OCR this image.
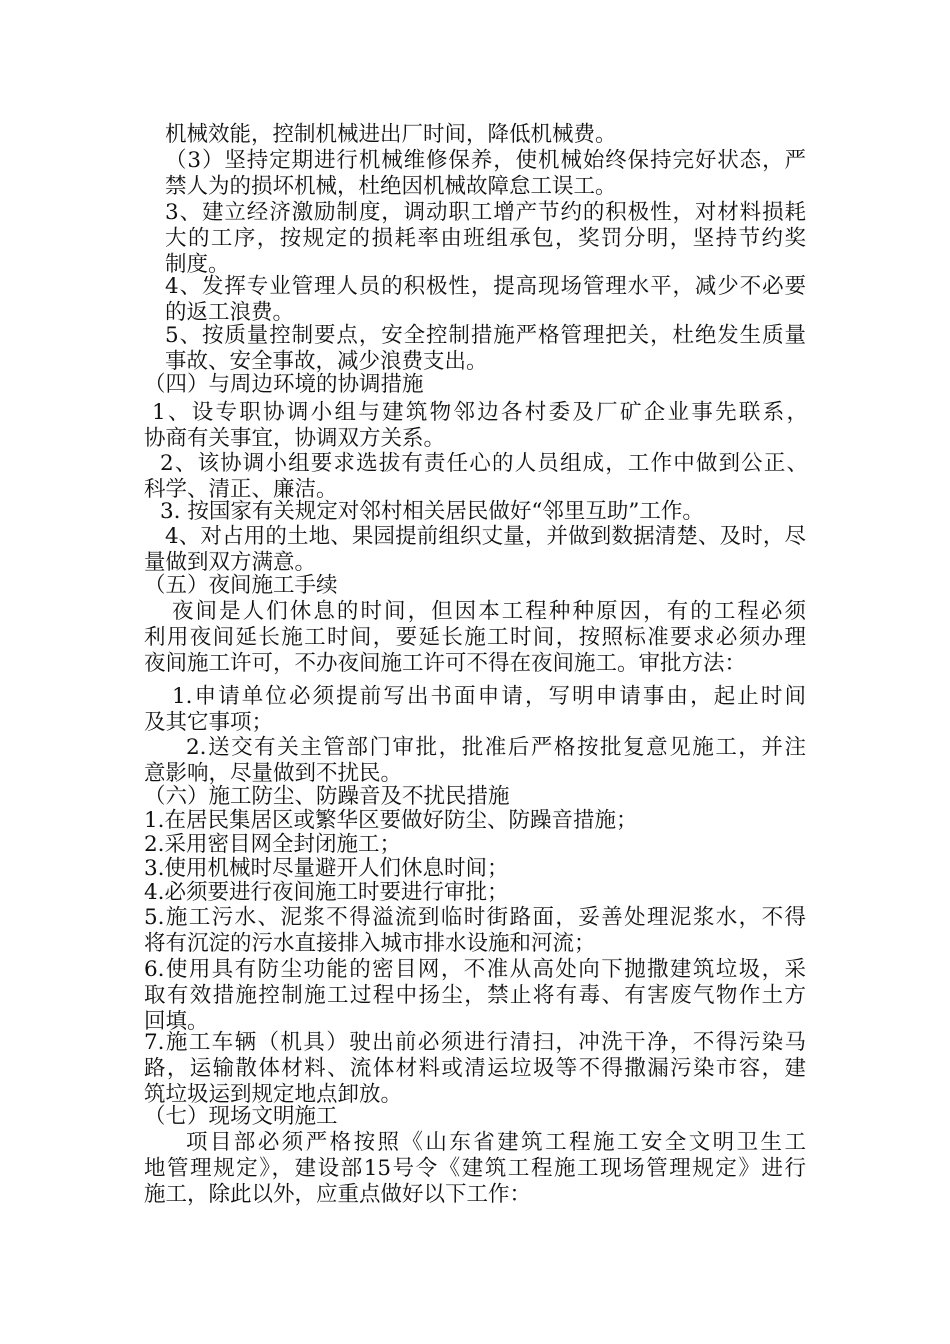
机械效能，控制机械进出厂时间，降低机械费。
（3）坚持定期进行机械维修保养，使机械始终保持完好状态，严
禁人为的损坏机械，杜绝因机械故障怠工误工。
3、建立经济激励制度，调动职工增产节约的积极性，对材料损耗
大的工序，按规定的损耗率由班组承包，奖罚分明，坚持节约奖
制度。
4、发挥专业管理人员的积极性，提高现场管理水平，减少不必要
的返工浪费。
5、按质量控制要点，安全控制措施严格管理把关，杜绝发生质量
事故、安全事故，减少浪费支出。
（四）与周边环境的协调措施
1、设专职协调小组与建筑物邻边各村委及厂矿企业事先联系，
协商有关事宜，协调双方关系。
2、该协调小组要求选拔有责任心的人员组成，工作中做到公正、
科学、清正、廉洁。
3. 按国家有关规定对邻村相关居民做好“邻里互助”工作。
4、对占用的土地、果园提前组织丈量，并做到数据清楚、及时，尽
量做到双方满意。
（五）夜间施工手续
夜间是人们休息的时间，但因本工程种种原因，有的工程必须
利用夜间延长施工时间，要延长施工时间，按照标准要求必须办理
夜间施工许可，不办夜间施工许可不得在夜间施工。审批方法：
1.申请单位必须提前写出书面申请，写明申请事由，起止时间
及其它事项；
2.送交有关主管部门审批，批准后严格按批复意见施工，并注
意影响，尽量做到不扰民。
（六）施工防尘、防躁音及不扰民措施
1.在居民集居区或繁华区要做好防尘、防躁音措施；
2.采用密目网全封闭施工；
3.使用机械时尽量避开人们休息时间；
4.必须要进行夜间施工时要进行审批；
5.施工污水、泥浆不得溢流到临时街路面，妥善处理泥浆水，不得
将有沉淀的污水直接排入城市排水设施和河流；
6.使用具有防尘功能的密目网，不准从高处向下抛撒建筑垃圾，采
取有效措施控制施工过程中扬尘，禁止将有毒、有害废气物作土方
回填。
7.施工车辆（机具）驶出前必须进行清扫，冲洗干净，不得污染马
路，运输散体材料、流体材料或清运垃圾等不得撒漏污染市容，建
筑垃圾运到规定地点卸放。
（七）现场文明施工
项目部必须严格按照《山东省建筑工程施工安全文明卫生工
地管理规定》，建设部15号令《建筑工程施工现场管理规定》进行
施工，除此以外，应重点做好以下工作：
